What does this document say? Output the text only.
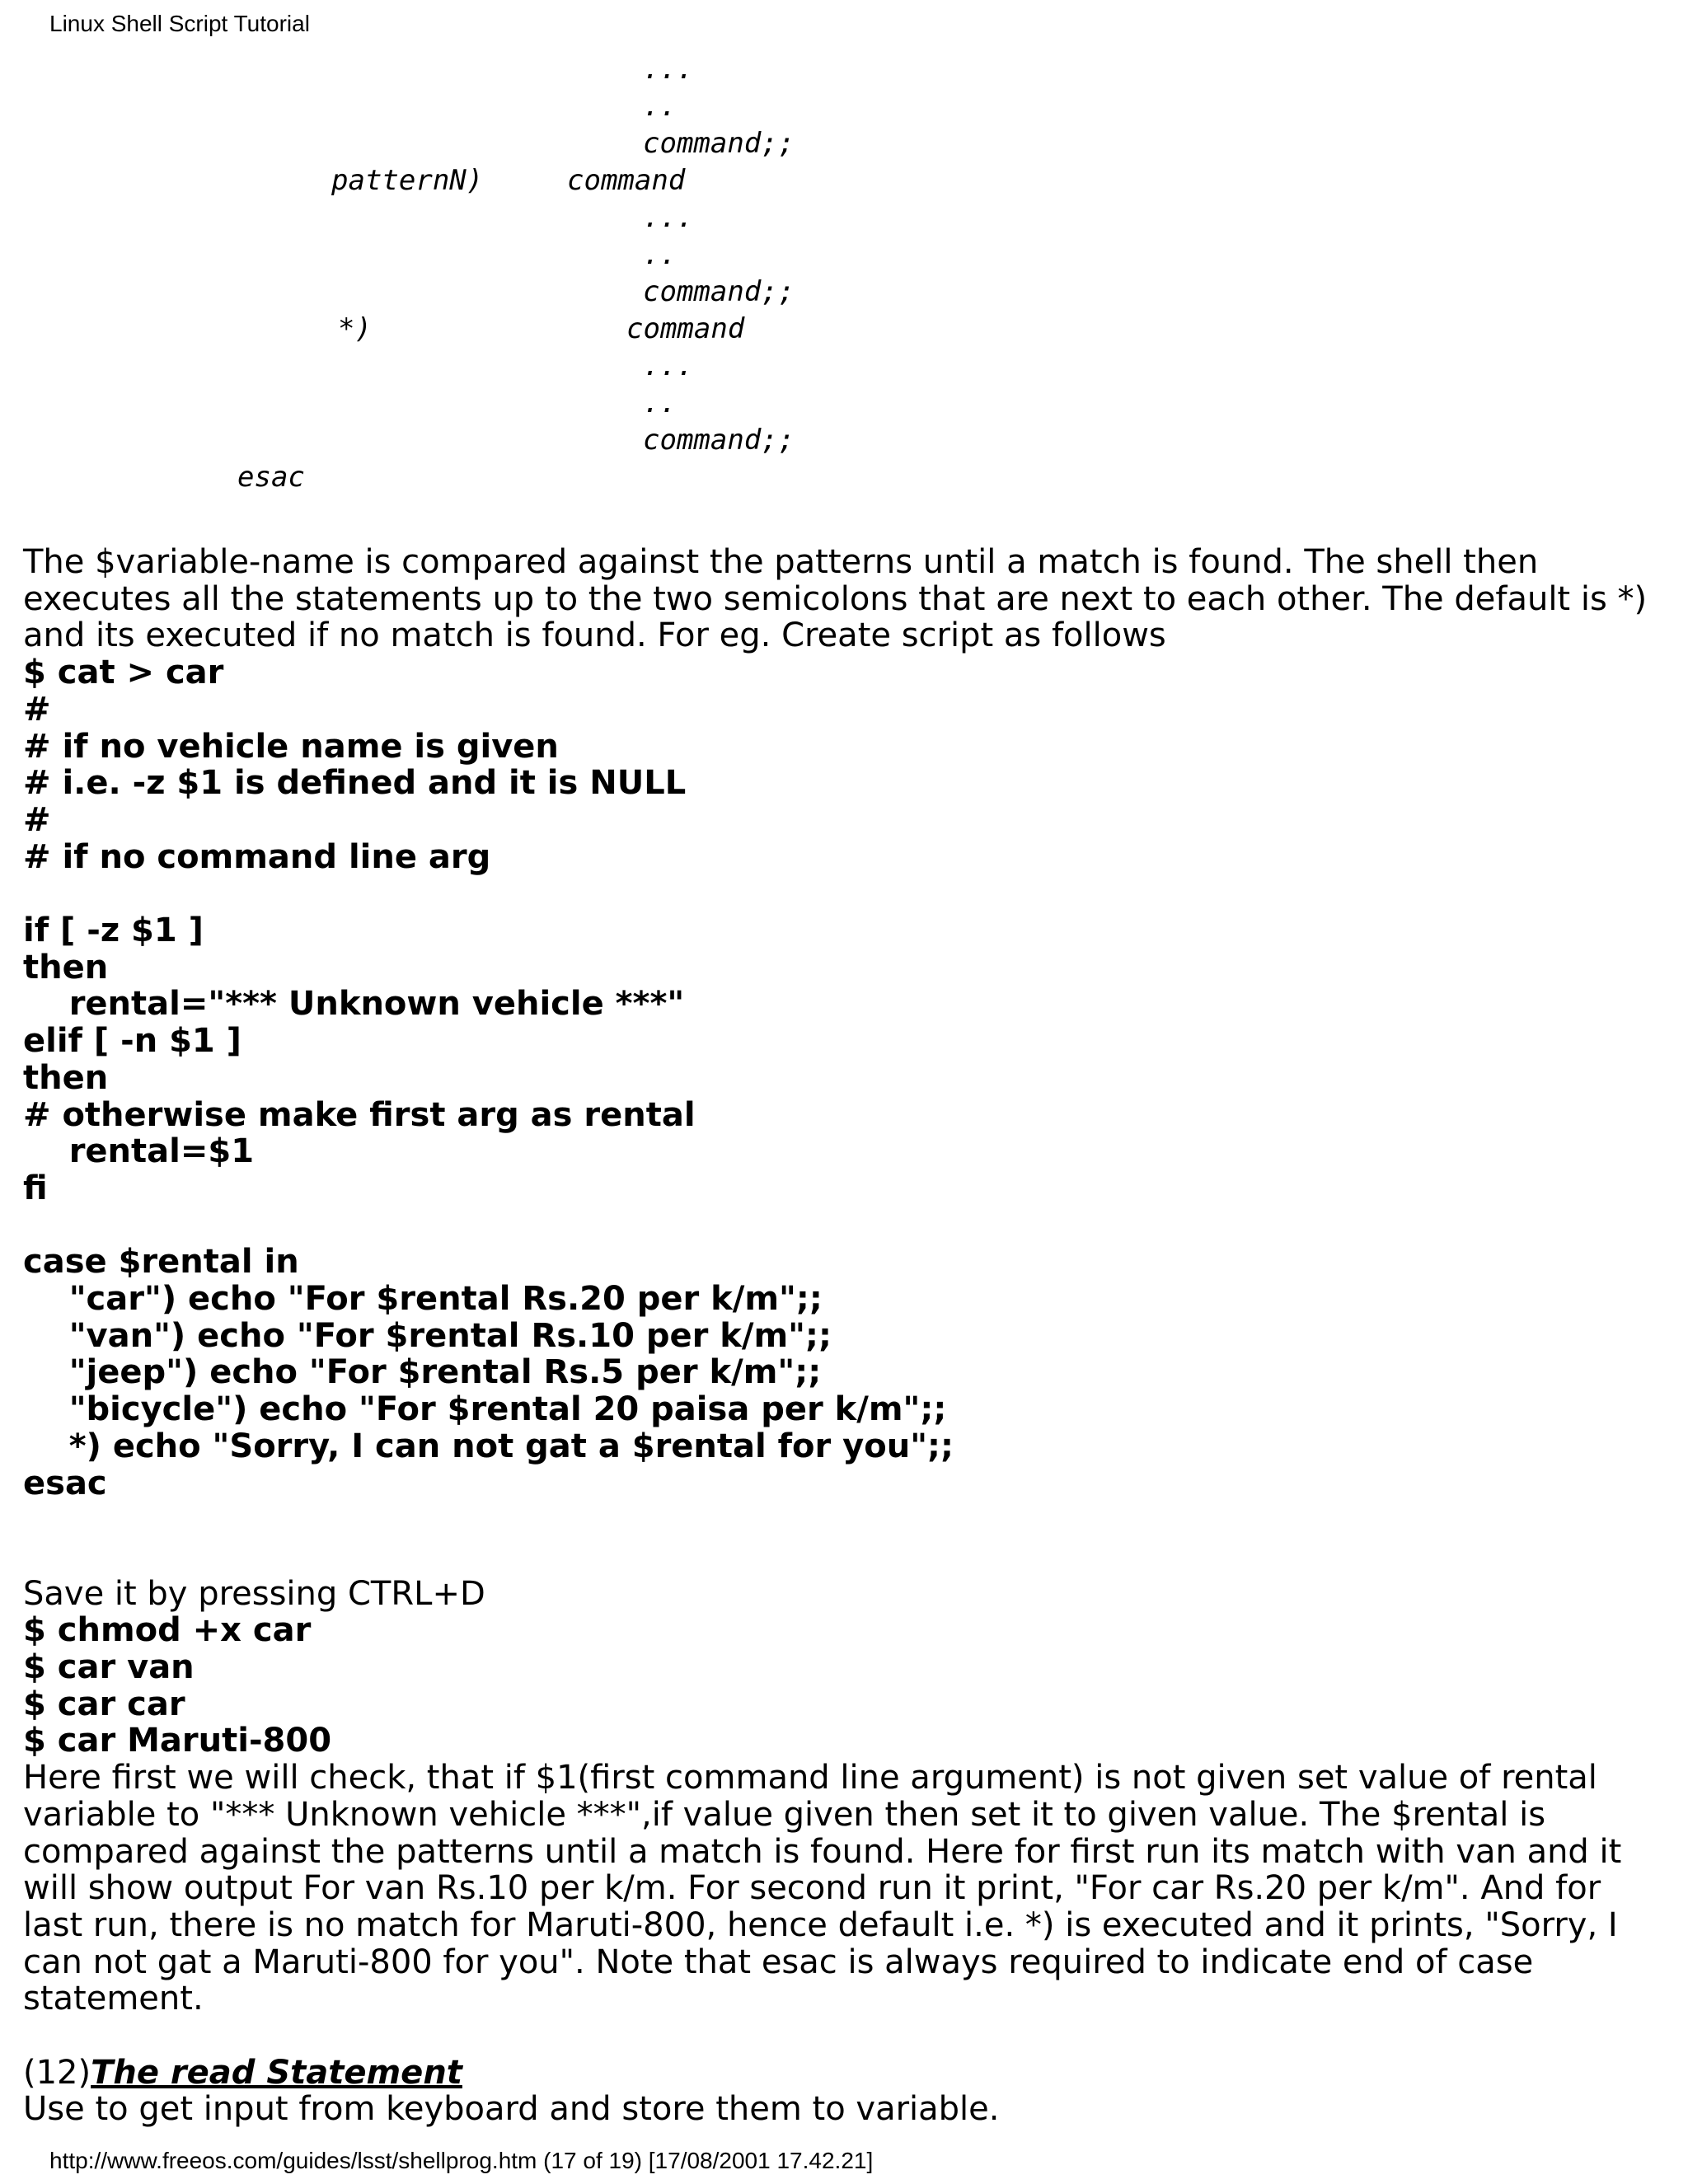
Linux Shell Script Tutorial
...
..
command;;
patternN)	command
...
..
command;;
*)	command
...
..
command;;
esac

The $variable-name is compared against the patterns until a match is found. The shell then executes all the statements up to the two semicolons that are next to each other. The default is *) and its executed if no match is found. For eg. Create script as follows

$ cat > car
#
# if no vehicle name is given
# i.e. -z $1 is defined and it is NULL
#
# if no command line arg
if [ -z $1 ]
then
rental="*** Unknown vehicle ***"
elif [ -n $1 ]
then
# otherwise make first arg as rental
rental=$1
fi
case $rental in
"car") echo "For $rental Rs.20 per k/m";;
"van") echo "For $rental Rs.10 per k/m";;
"jeep") echo "For $rental Rs.5 per k/m";;
"bicycle") echo "For $rental 20 paisa per k/m";;
*) echo "Sorry, I can not gat a $rental for you";;
esac

Save it by pressing CTRL+D

$ chmod +x car
$ car van
$ car car
$ car Maruti-800

Here first we will check, that if $1(first command line argument) is not given set value of rental variable to "*** Unknown vehicle ***",if value given then set it to given value. The $rental is compared against the patterns until a match is found. Here for first run its match with van and it will show output For van Rs.10 per k/m. For second run it print, "For car Rs.20 per k/m". And for last run, there is no match for Maruti-800, hence default i.e. *) is executed and it prints, "Sorry, I can not gat a Maruti-800 for you". Note that esac is always required to indicate end of case statement.

(12)The read Statement

Use to get input from keyboard and store them to variable.

http://www.freeos.com/guides/lsst/shellprog.htm (17 of 19) [17/08/2001 17.42.21]
